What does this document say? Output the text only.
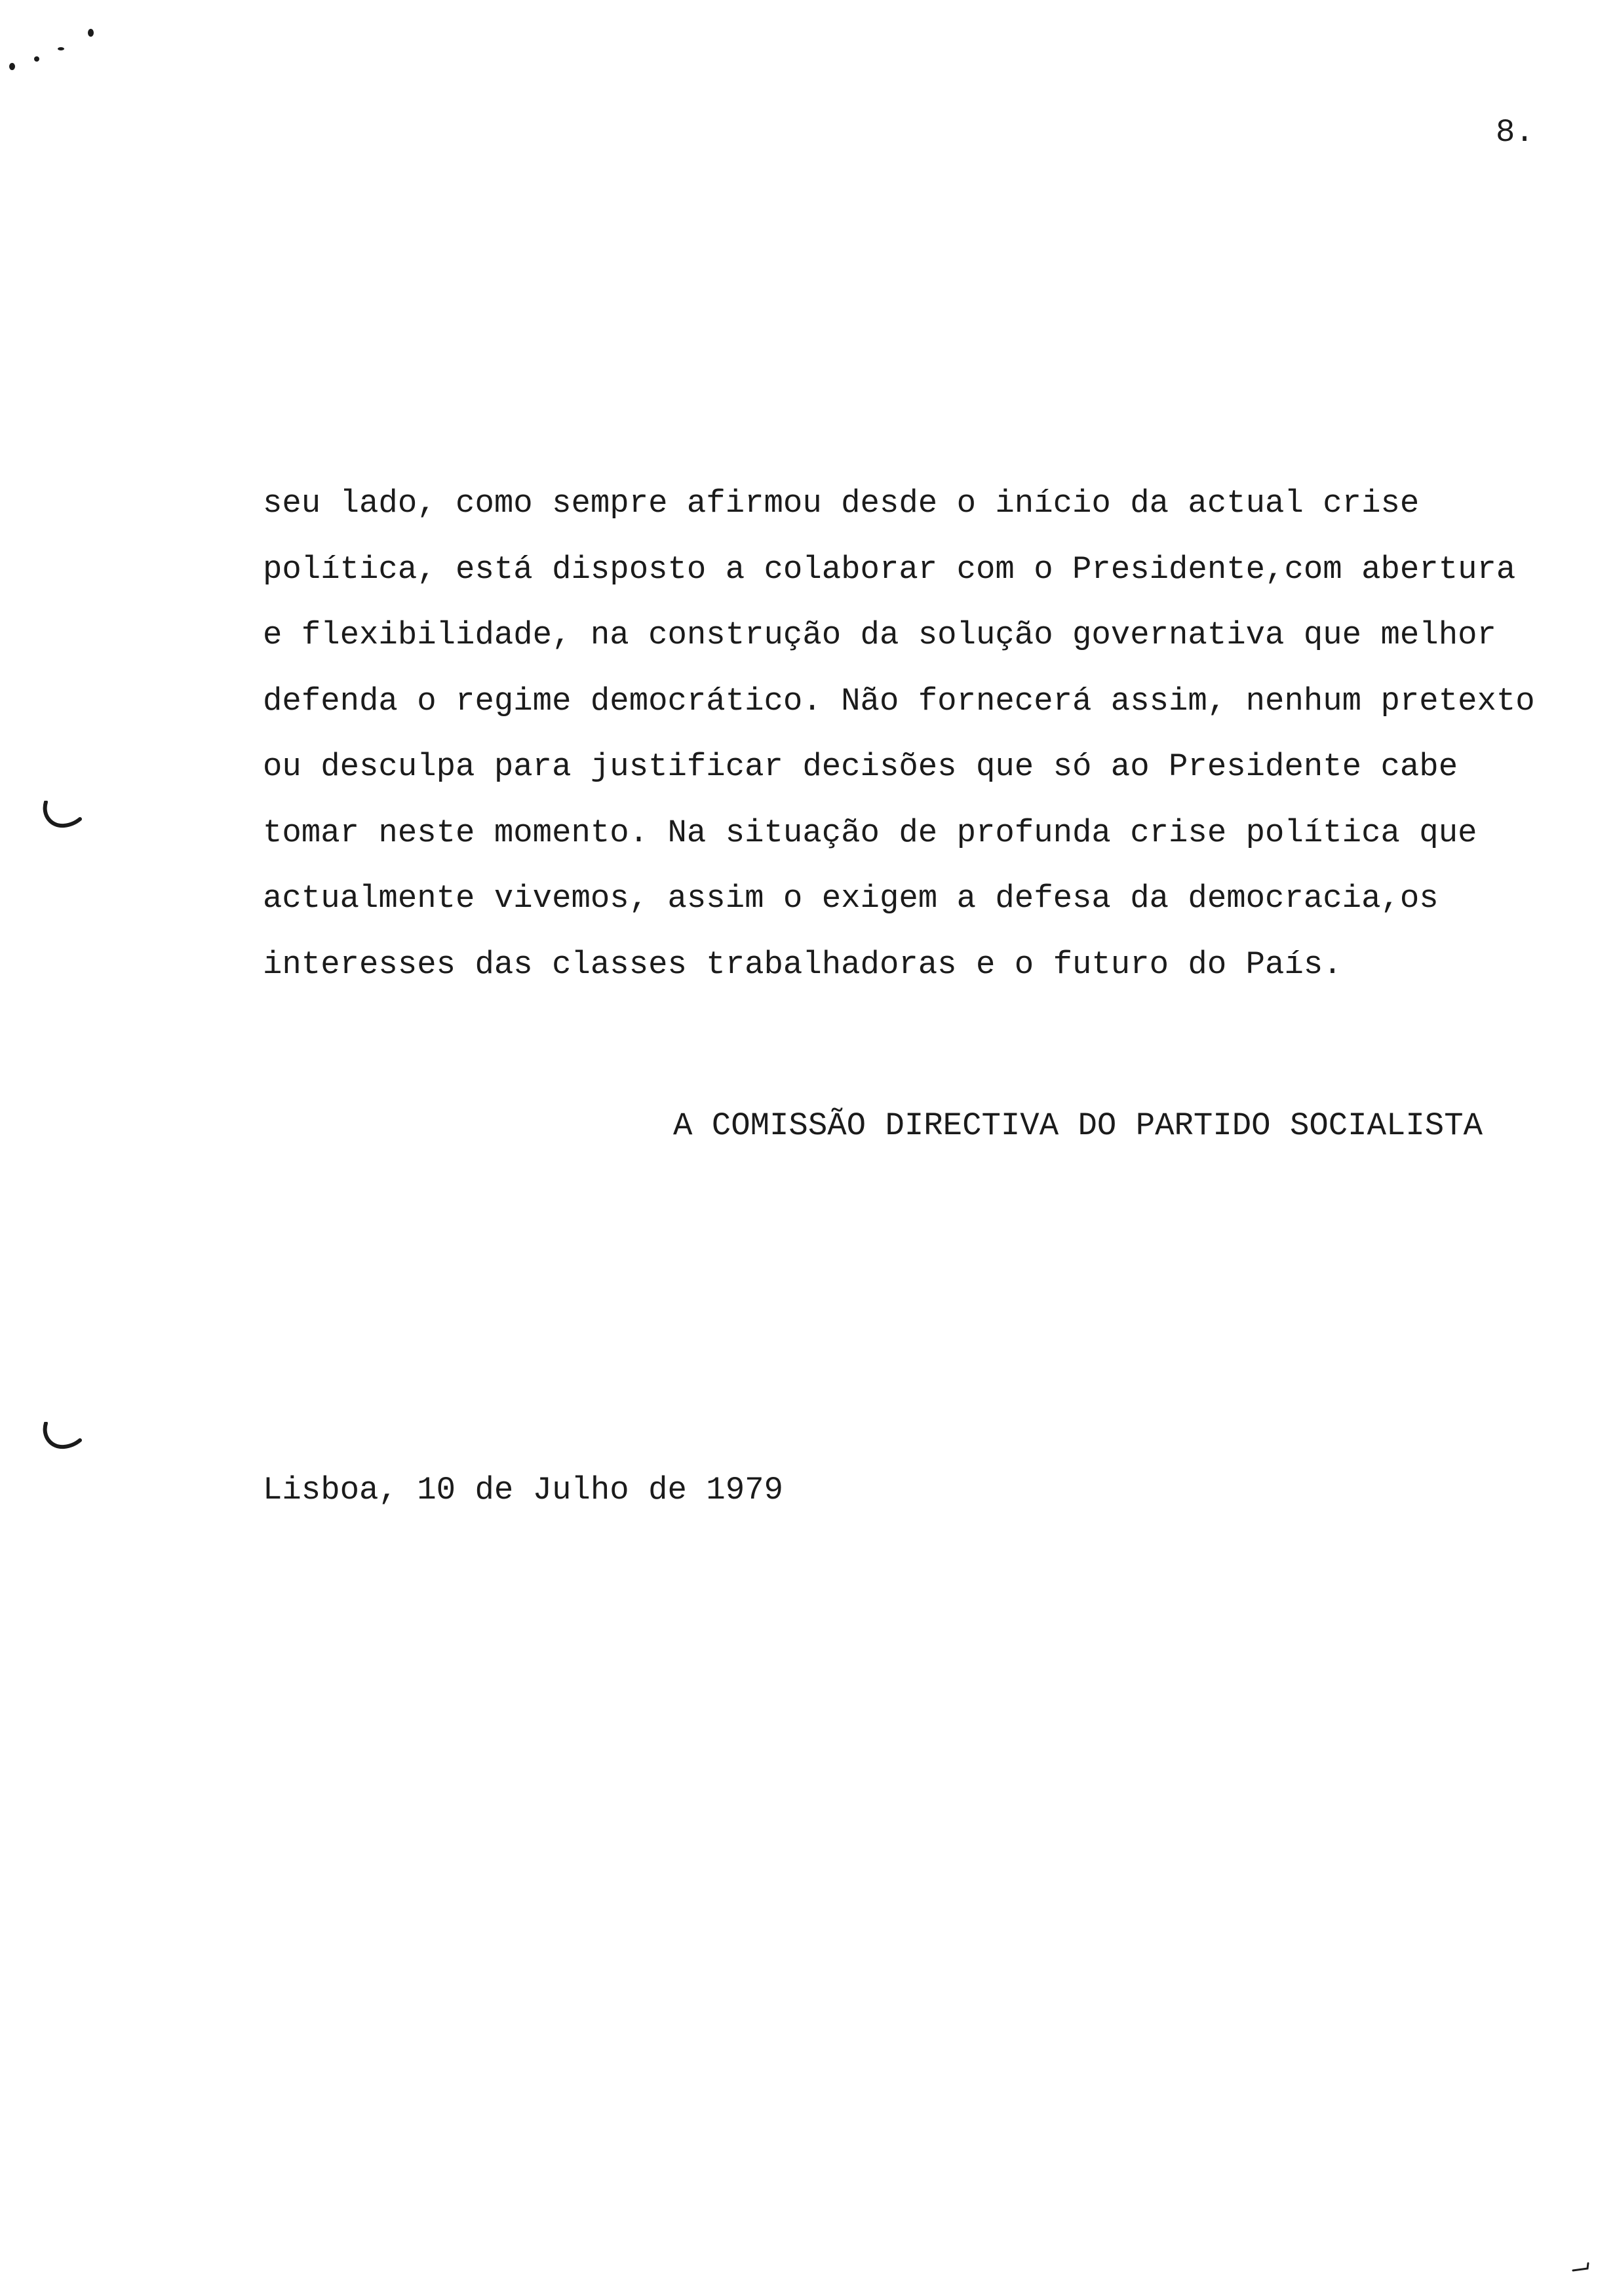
8.
seu lado, como sempre afirmou desde o início da actual crise
política, está disposto a colaborar com o Presidente,com abertura
e flexibilidade, na construção da solução governativa que melhor
defenda o regime democrático. Não fornecerá assim, nenhum pretexto
ou desculpa para justificar decisões que só ao Presidente cabe
tomar neste momento. Na situação de profunda crise política que
actualmente vivemos, assim o exigem a defesa da democracia,os
interesses das classes trabalhadoras e o futuro do País.
A COMISSÃO DIRECTIVA DO PARTIDO SOCIALISTA
Lisboa, 10 de Julho de 1979
